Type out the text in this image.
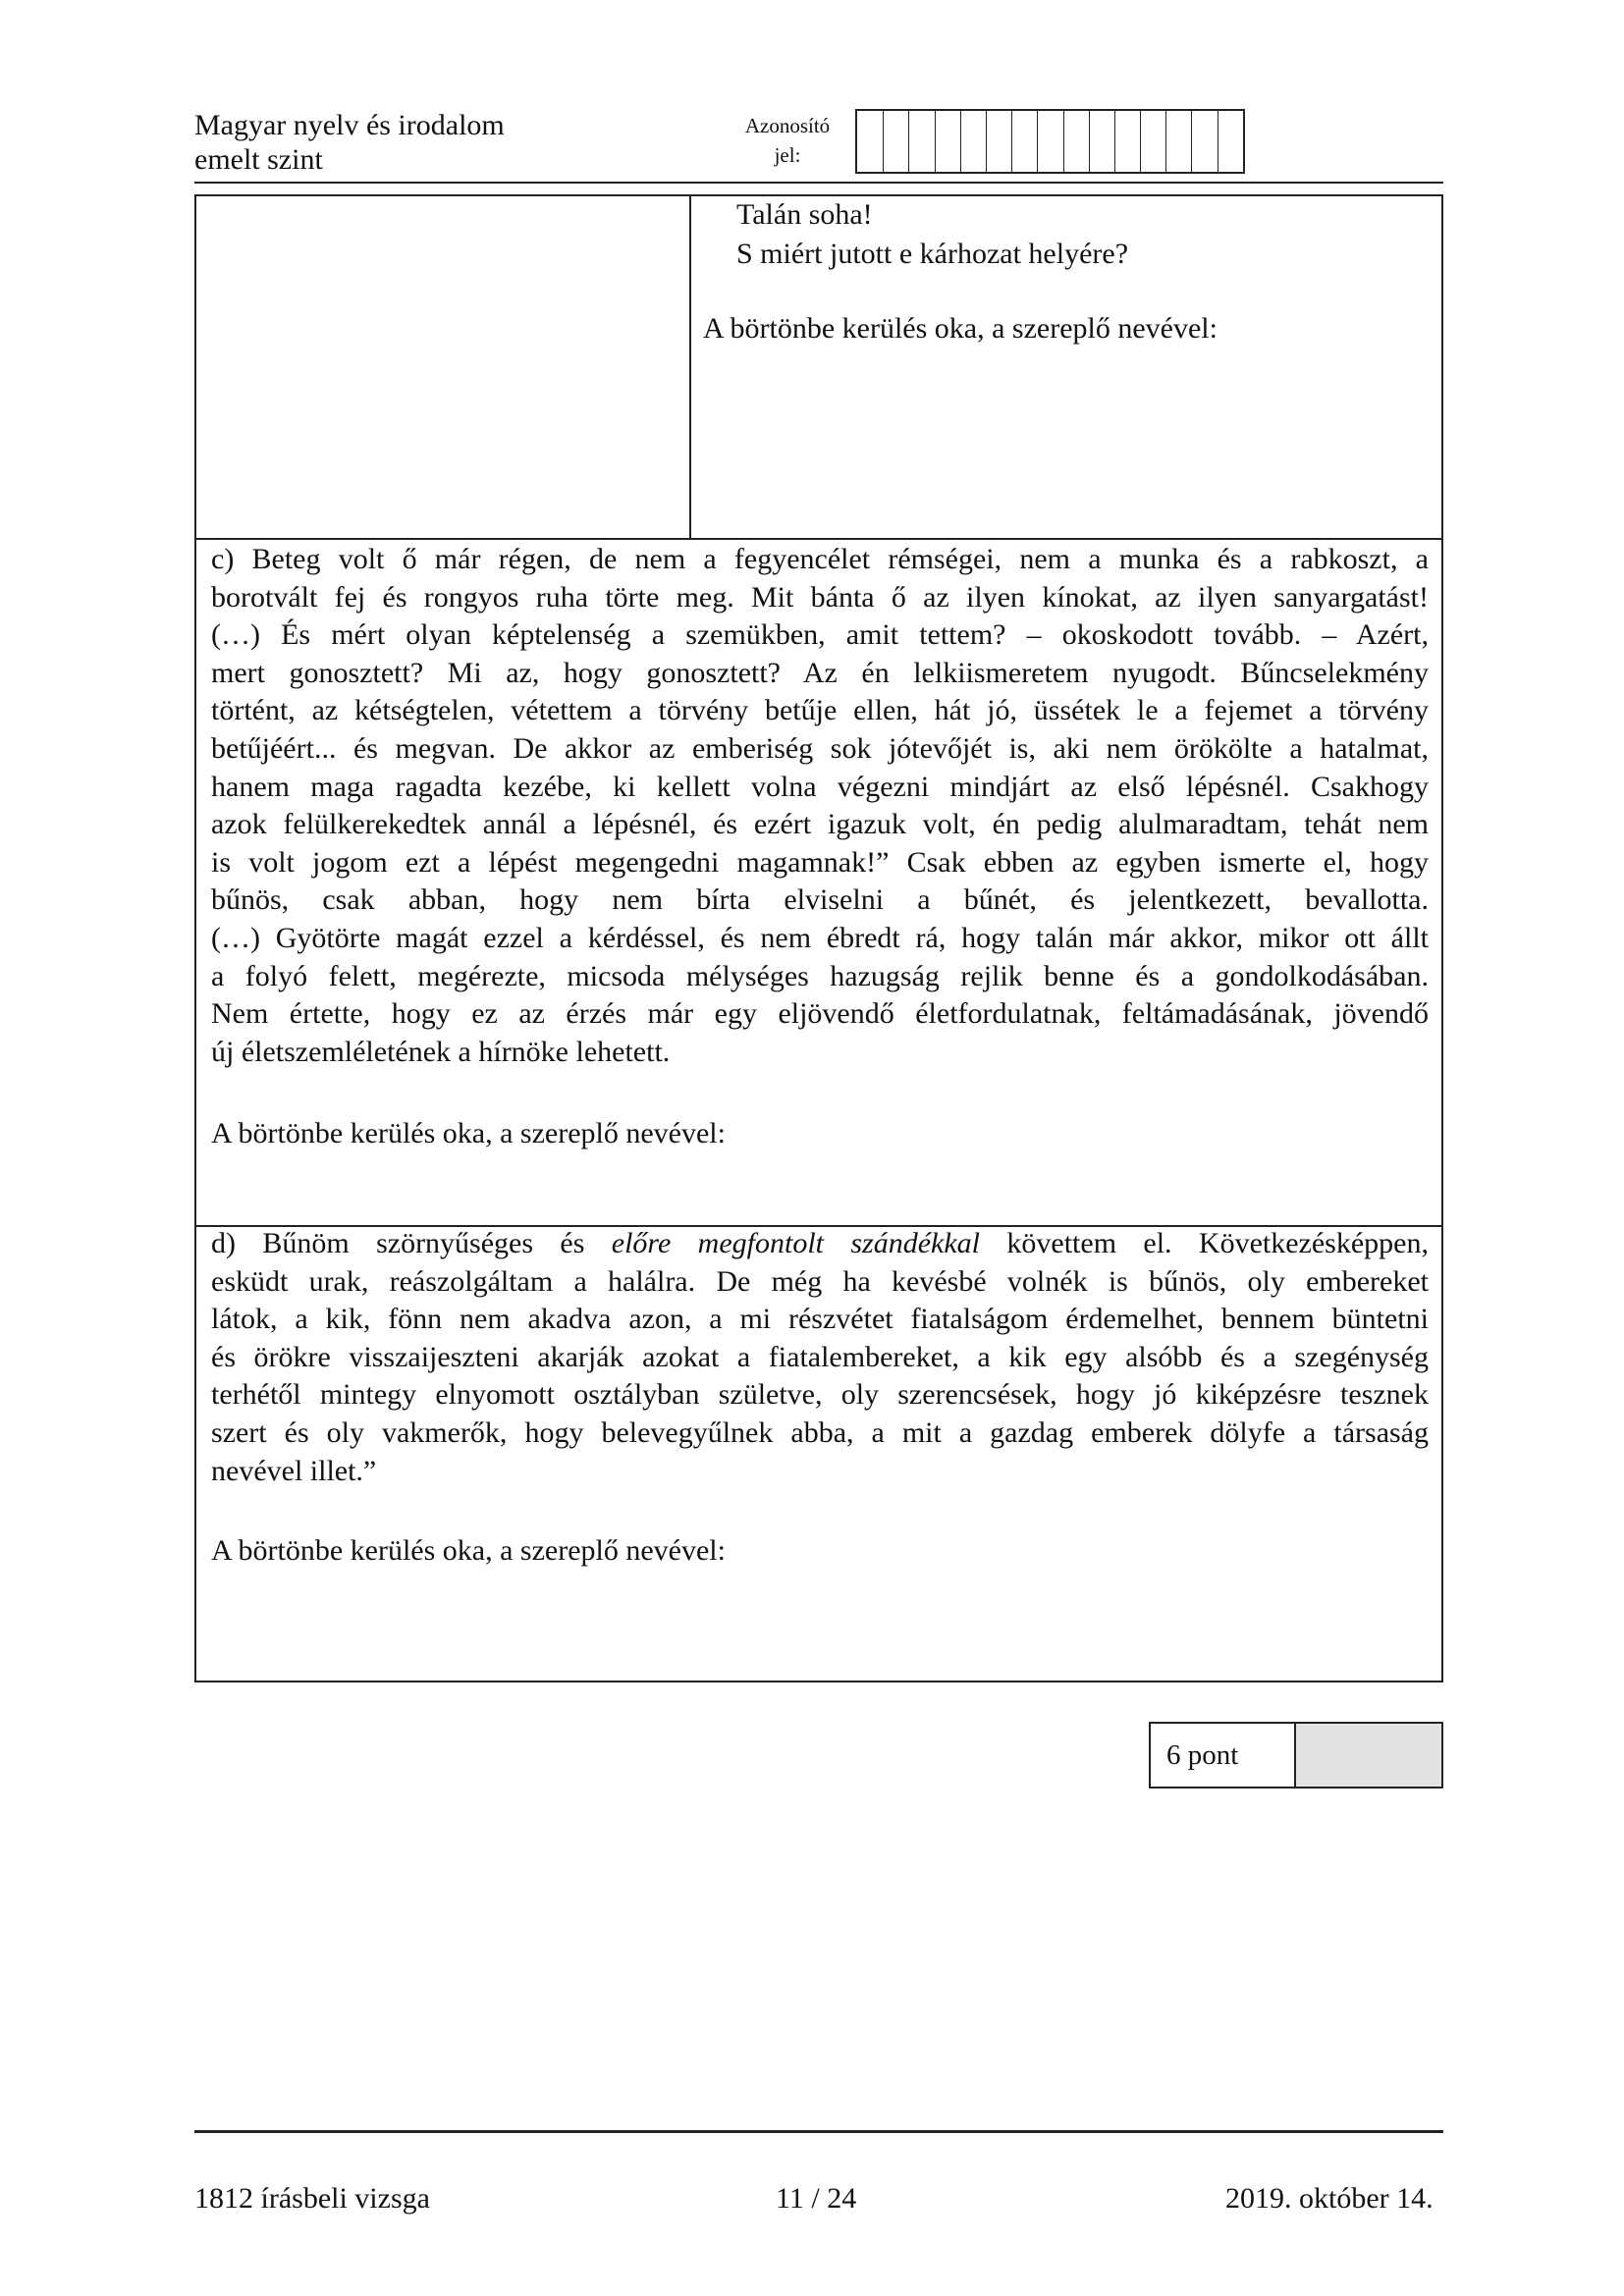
Magyar nyelv és irodalom
emelt szint
Azonosító
jel:
Talán soha!
S miért jutott e kárhozat helyére?
A börtönbe kerülés oka, a szereplő nevével:
c) Beteg volt ő már régen, de nem a fegyencélet rémségei, nem a munka és a rabkoszt, a
borotvált fej és rongyos ruha törte meg. Mit bánta ő az ilyen kínokat, az ilyen sanyargatást!
(…) És mért olyan képtelenség a szemükben, amit tettem? – okoskodott tovább. – Azért,
mert gonosztett? Mi az, hogy gonosztett? Az én lelkiismeretem nyugodt. Bűncselekmény
történt, az kétségtelen, vétettem a törvény betűje ellen, hát jó, üssétek le a fejemet a törvény
betűjéért... és megvan. De akkor az emberiség sok jótevőjét is, aki nem örökölte a hatalmat,
hanem maga ragadta kezébe, ki kellett volna végezni mindjárt az első lépésnél. Csakhogy
azok felülkerekedtek annál a lépésnél, és ezért igazuk volt, én pedig alulmaradtam, tehát nem
is volt jogom ezt a lépést megengedni magamnak!” Csak ebben az egyben ismerte el, hogy
bűnös, csak abban, hogy nem bírta elviselni a bűnét, és jelentkezett, bevallotta.
(…) Gyötörte magát ezzel a kérdéssel, és nem ébredt rá, hogy talán már akkor, mikor ott állt
a folyó felett, megérezte, micsoda mélységes hazugság rejlik benne és a gondolkodásában.
Nem értette, hogy ez az érzés már egy eljövendő életfordulatnak, feltámadásának, jövendő
új életszemléletének a hírnöke lehetett.
A börtönbe kerülés oka, a szereplő nevével:
d) Bűnöm szörnyűséges és előre megfontolt szándékkal követtem el. Következésképpen,
esküdt urak, reászolgáltam a halálra. De még ha kevésbé volnék is bűnös, oly embereket
látok, a kik, fönn nem akadva azon, a mi részvétet fiatalságom érdemelhet, bennem büntetni
és örökre visszaijeszteni akarják azokat a fiatalembereket, a kik egy alsóbb és a szegénység
terhétől mintegy elnyomott osztályban születve, oly szerencsések, hogy jó kiképzésre tesznek
szert és oly vakmerők, hogy belevegyűlnek abba, a mit a gazdag emberek dölyfe a társaság
nevével illet.”
A börtönbe kerülés oka, a szereplő nevével:
6 pont
1812 írásbeli vizsga	11 / 24	2019. október 14.
